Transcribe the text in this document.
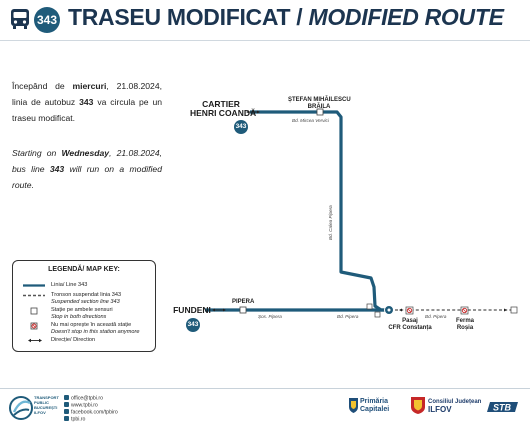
343 TRASEU MODIFICAT / MODIFIED ROUTE
Începând de miercuri, 21.08.2024, linia de autobuz 343 va circula pe un traseu modificat.
Starting on Wednesday, 21.08.2024, bus line 343 will run on a modified route.
LEGENDĂ/ MAP KEY:
Linia/ Line 343
Tronson suspendat linia 343
Suspended section line 343
Stație pe ambele sensuri
Stop in both directions
Nu mai oprește în această stație
Doesn't stop in this station anymore
Direcție/ Direction
Bd. Calea Pipera
CARTIER
HENRI COANDĂ
343
FUNDENI
343
ȘTEFAN MIHĂILESCU
BRĂILA
Bd. Mircea Vervici
PIPERA
Șos. Pipera	Bd. Pipera	Bd. Pipera
Pasaj
CFR Constanța
Ferma
Roșia
TRANSPORT
PUBLIC
BUCUREȘTI
ILFOV
office@tpbi.ro
www.tpbi.ro
facebook.com/tpbiro
tpbi.ro
Primăria
Capitalei
Consiliul Județean
ILFOV	STB
